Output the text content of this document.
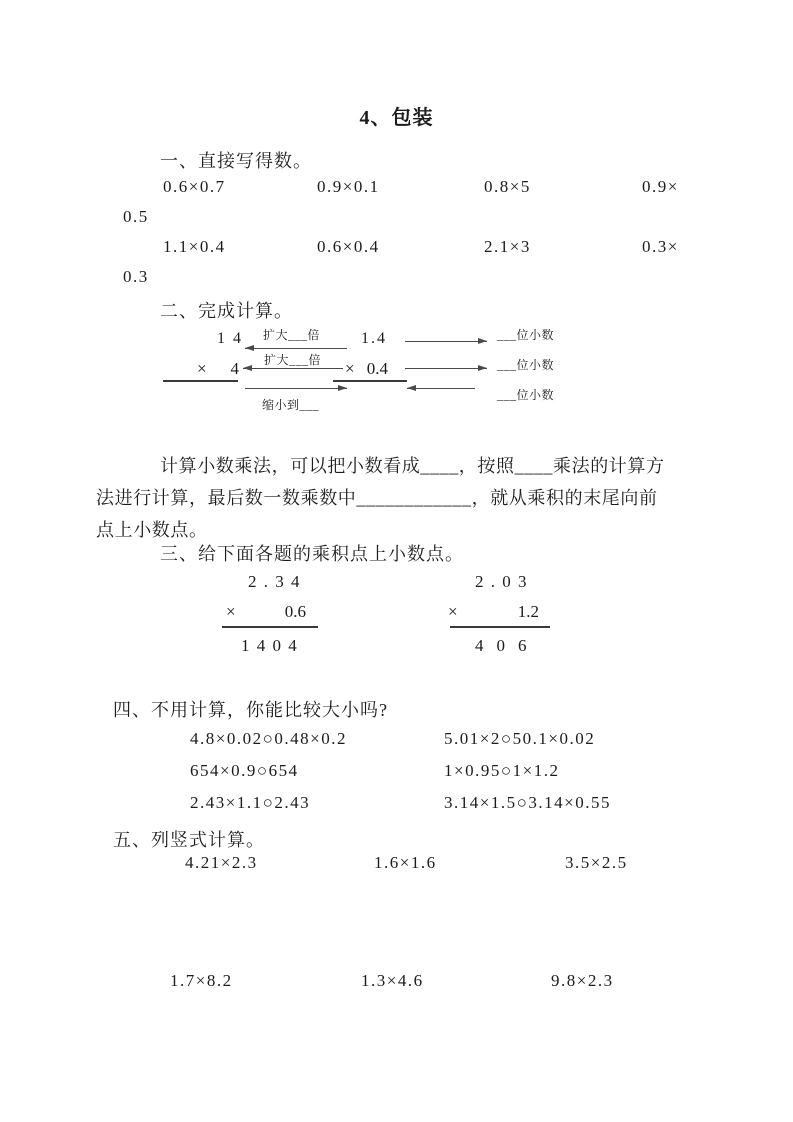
4、包装
一、直接写得数。
0.6×0.7	0.9×0.1	0.8×5	0.9×
0.5
1.1×0.4	0.6×0.4	2.1×3	0.3×
0.3
二、完成计算。

1 4

扩大___倍

	1.4

	___位小数

扩大___倍

× 4

	× 0.4

	___位小数

缩小到___

___位小数

计算小数乘法，可以把小数看成____，按照____乘法的计算方
法进行计算，最后数一数乘数中____________，就从乘积的末尾向前
点上小数点。
三、给下面各题的乘积点上小数点。
2 . 3 4
×	0.6
1 4 0 4
2 . 0 3
×	1.2
4  0  6
四、不用计算，你能比较大小吗?
4.8×0.02○0.48×0.2	5.01×2○50.1×0.02
654×0.9○654	1×0.95○1×1.2
2.43×1.1○2.43	3.14×1.5○3.14×0.55
五、列竖式计算。
4.21×2.3	1.6×1.6	3.5×2.5
1.7×8.2	1.3×4.6	9.8×2.3
